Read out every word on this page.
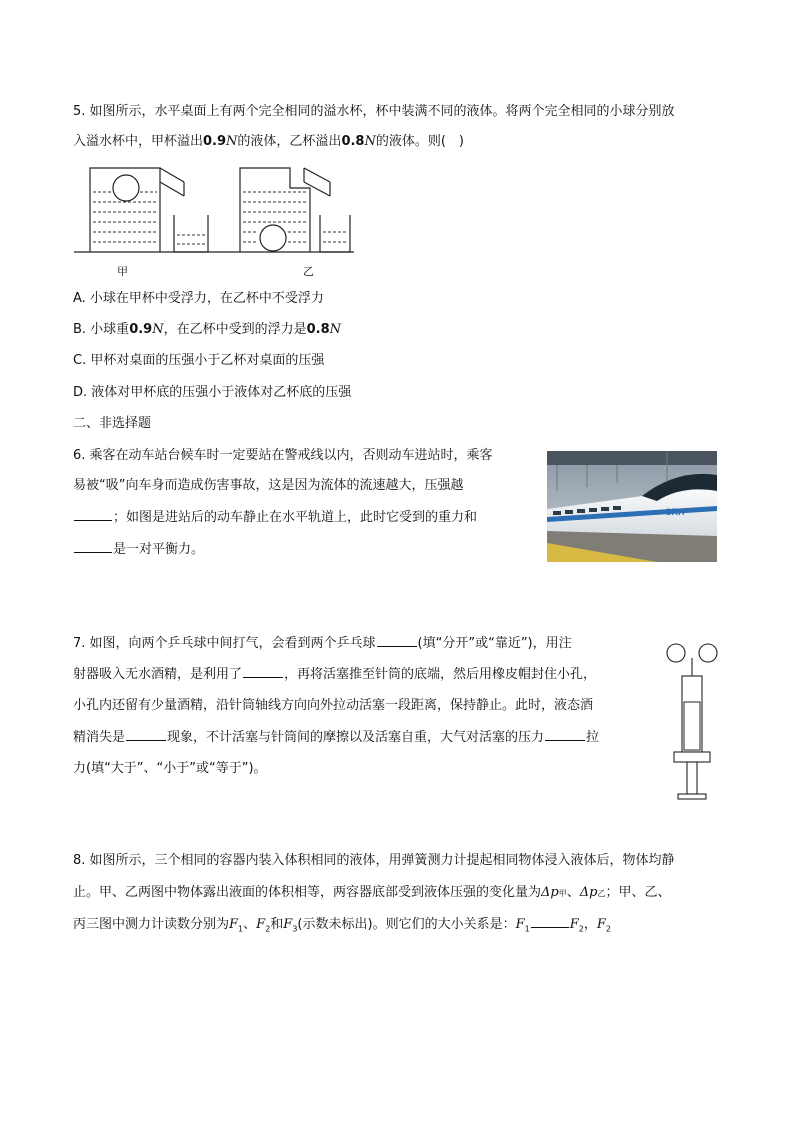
5. 如图所示，水平桌面上有两个完全相同的溢水杯，杯中装满不同的液体。将两个完全相同的小球分别放
入溢水杯中，甲杯溢出0.9N的液体，乙杯溢出0.8N的液体。则(　)
甲	乙
A. 小球在甲杯中受浮力，在乙杯中不受浮力
B. 小球重0.9N，在乙杯中受到的浮力是0.8N
C. 甲杯对桌面的压强小于乙杯对桌面的压强
D. 液体对甲杯底的压强小于液体对乙杯底的压强
二、非选择题
6. 乘客在动车站台候车时一定要站在警戒线以内，否则动车进站时，乘客
易被“吸”向车身而造成伤害事故，这是因为流体的流速越大，压强越
；如图是进站后的动车静止在水平轨道上，此时它受到的重力和
是一对平衡力。
CRH
7. 如图，向两个乒乓球中间打气，会看到两个乒乓球	(填“分开”或“靠近”)，用注
射器吸入无水酒精，是利用了	，再将活塞推至针筒的底端，然后用橡皮帽封住小孔，
小孔内还留有少量酒精，沿针筒轴线方向向外拉动活塞一段距离，保持静止。此时，液态酒
精消失是	现象，不计活塞与针筒间的摩擦以及活塞自重，大气对活塞的压力	拉
力(填“大于”、“小于”或“等于”)。
8. 如图所示，三个相同的容器内装入体积相同的液体，用弹簧测力计提起相同物体浸入液体后，物体均静
止。甲、乙两图中物体露出液面的体积相等，两容器底部受到液体压强的变化量为Δp甲、Δp乙；甲、乙、
丙三图中测力计读数分别为$F_1$、$F_2$和$F_3$(示数未标出)。则它们的大小关系是：$F_1$	$F_2$，$F_2$
